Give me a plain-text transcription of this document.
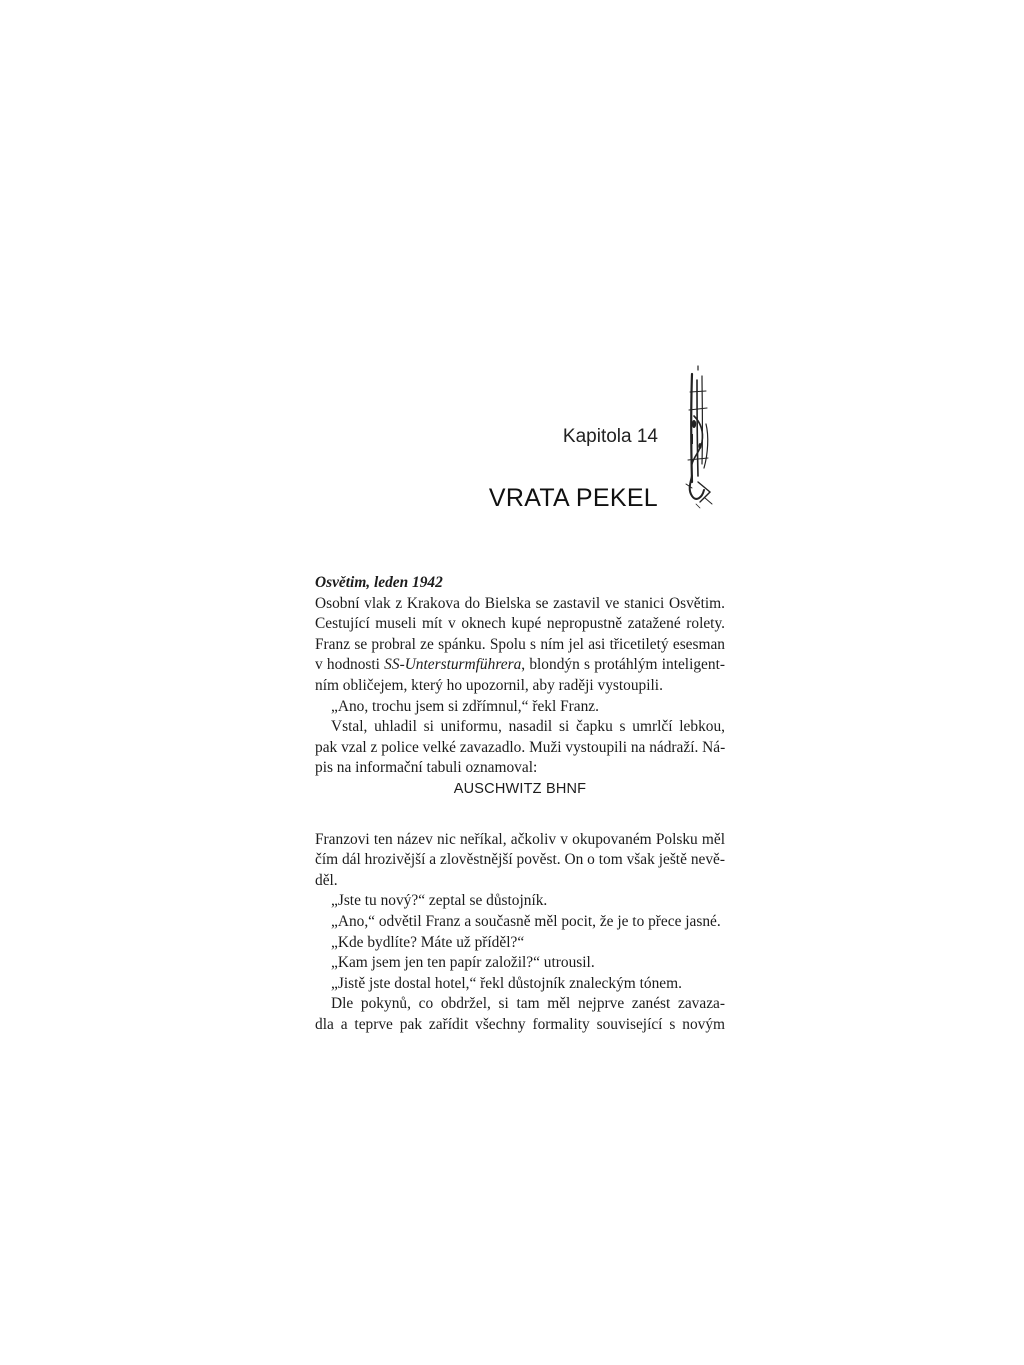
Kapitola 14
VRATA PEKEL

Osvětim, leden 1942

Osobní vlak z Krakova do Bielska se zastavil ve stanici Osvětim.
Cestující museli mít v oknech kupé nepropustně zatažené rolety.
Franz se probral ze spánku. Spolu s ním jel asi třicetiletý esesman
v hodnosti SS-Untersturmführera, blondýn s protáhlým inteligent-
ním obličejem, který ho upozornil, aby raději vystoupili.

„Ano, trochu jsem si zdřímnul,“ řekl Franz.

Vstal, uhladil si uniformu, nasadil si čapku s umrlčí lebkou,
pak vzal z police velké zavazadlo. Muži vystoupili na nádraží. Ná-
pis na informační tabuli oznamoval:

AUSCHWITZ BHNF

Franzovi ten název nic neříkal, ačkoliv v okupovaném Polsku měl
čím dál hrozivější a zlověstnější pověst. On o tom však ještě nevě-
děl.

„Jste tu nový?“ zeptal se důstojník.

„Ano,“ odvětil Franz a současně měl pocit, že je to přece jasné.

„Kde bydlíte? Máte už příděl?“

„Kam jsem jen ten papír založil?“ utrousil.

„Jistě jste dostal hotel,“ řekl důstojník znaleckým tónem.

Dle pokynů, co obdržel, si tam měl nejprve zanést zavaza-
dla a teprve pak zařídit všechny formality související s novým
